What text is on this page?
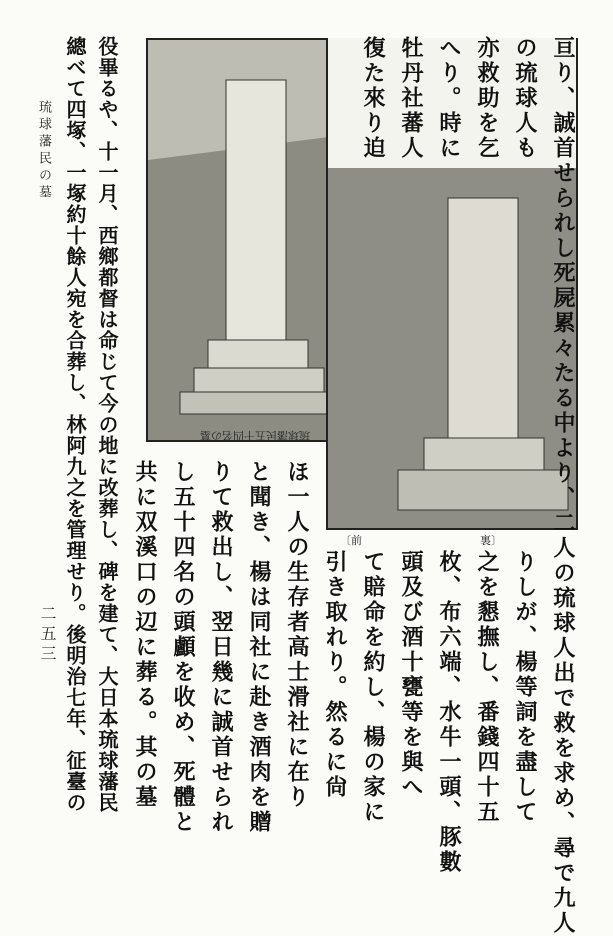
琉球藩民の墓
二五三
琉球藩民五十四名の墓
〔前	裏〕 亘り、誠首せられし死屍累々たる中より、二人の琉球人出で救を求め、尋で九人
の琉球人も
亦救助を乞
へり。時に
牡丹社蕃人
復た來り迫
りしが、楊等詞を盡して
之を懇撫し、番錢四十五
枚、布六端、水牛一頭、豚數
頭及び酒十甕等を與へ
て賠命を約し、楊の家に
引き取れり。然るに尙
ほ一人の生存者高士滑社に在り
と聞き、楊は同社に赴き酒肉を贈
りて救出し、翌日幾に誠首せられ
し五十四名の頭顱を收め、死體と
共に双溪口の辺に葬る。其の墓
役畢るや、十一月、西鄉都督は命じて今の地に改葬し、碑を建て、大日本琉球藩民
總べて四塚、一塚約十餘人宛を合葬し、林阿九之を管理せり。後明治七年、征臺の
